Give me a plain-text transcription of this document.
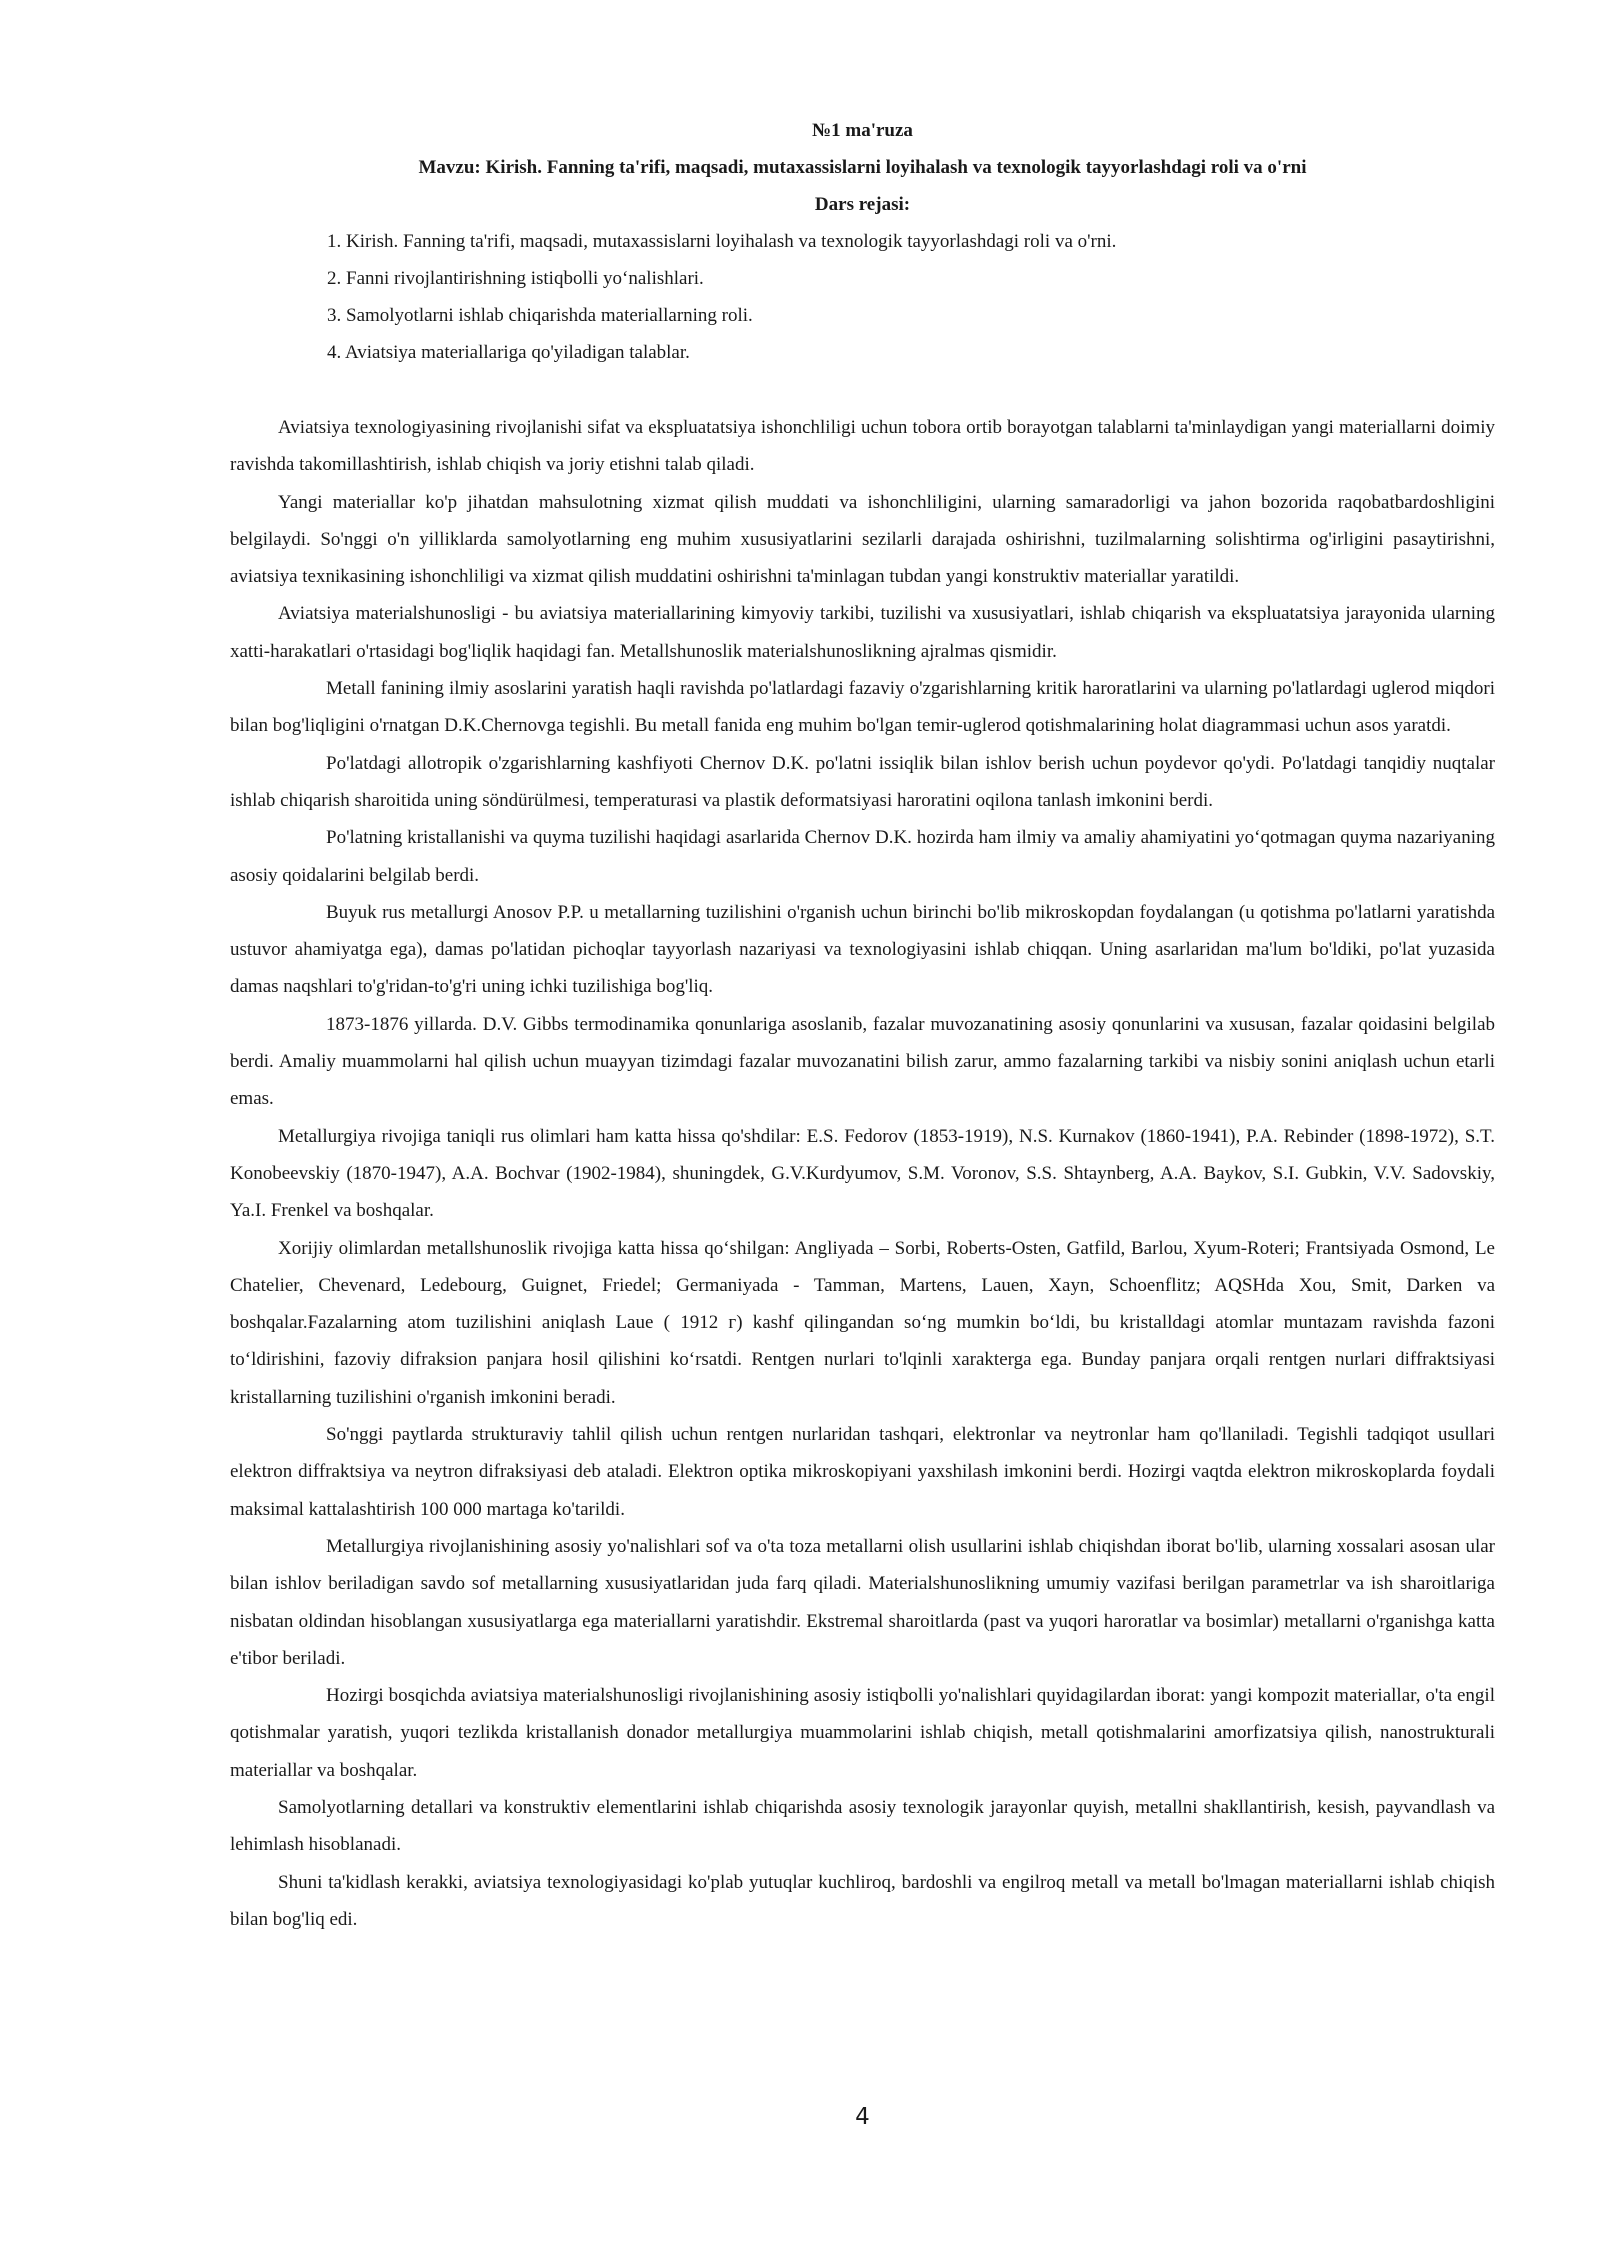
№1 ma'ruza

Mavzu: Kirish. Fanning ta'rifi, maqsadi, mutaxassislarni loyihalash va texnologik tayyorlashdagi roli va o'rni

Dars rejasi:

1. Kirish. Fanning ta'rifi, maqsadi, mutaxassislarni loyihalash va texnologik tayyorlashdagi roli va o'rni.
2. Fanni rivojlantirishning istiqbolli yo‘nalishlari.
3. Samolyotlarni ishlab chiqarishda materiallarning roli.
4. Aviatsiya materiallariga qo'yiladigan talablar.

Aviatsiya texnologiyasining rivojlanishi sifat va ekspluatatsiya ishonchliligi uchun tobora ortib borayotgan talablarni ta'minlaydigan yangi materiallarni doimiy ravishda takomillashtirish, ishlab chiqish va joriy etishni talab qiladi.

Yangi materiallar ko'p jihatdan mahsulotning xizmat qilish muddati va ishonchliligini, ularning samaradorligi va jahon bozorida raqobatbardoshligini belgilaydi. So'nggi o'n yilliklarda samolyotlarning eng muhim xususiyatlarini sezilarli darajada oshirishni, tuzilmalarning solishtirma og'irligini pasaytirishni, aviatsiya texnikasining ishonchliligi va xizmat qilish muddatini oshirishni ta'minlagan tubdan yangi konstruktiv materiallar yaratildi.

Aviatsiya materialshunosligi - bu aviatsiya materiallarining kimyoviy tarkibi, tuzilishi va xususiyatlari, ishlab chiqarish va ekspluatatsiya jarayonida ularning xatti-harakatlari o'rtasidagi bog'liqlik haqidagi fan. Metallshunoslik materialshunoslikning ajralmas qismidir.

Metall fanining ilmiy asoslarini yaratish haqli ravishda po'latlardagi fazaviy o'zgarishlarning kritik haroratlarini va ularning po'latlardagi uglerod miqdori bilan bog'liqligini o'rnatgan D.K.Chernovga tegishli. Bu metall fanida eng muhim bo'lgan temir-uglerod qotishmalarining holat diagrammasi uchun asos yaratdi.

Po'latdagi allotropik o'zgarishlarning kashfiyoti Chernov D.K. po'latni issiqlik bilan ishlov berish uchun poydevor qo'ydi. Po'latdagi tanqidiy nuqtalar ishlab chiqarish sharoitida uning söndürülmesi, temperaturasi va plastik deformatsiyasi haroratini oqilona tanlash imkonini berdi.

Po'latning kristallanishi va quyma tuzilishi haqidagi asarlarida Chernov D.K. hozirda ham ilmiy va amaliy ahamiyatini yo‘qotmagan quyma nazariyaning asosiy qoidalarini belgilab berdi.

Buyuk rus metallurgi Anosov P.P. u metallarning tuzilishini o'rganish uchun birinchi bo'lib mikroskopdan foydalangan (u qotishma po'latlarni yaratishda ustuvor ahamiyatga ega), damas po'latidan pichoqlar tayyorlash nazariyasi va texnologiyasini ishlab chiqqan. Uning asarlaridan ma'lum bo'ldiki, po'lat yuzasida damas naqshlari to'g'ridan-to'g'ri uning ichki tuzilishiga bog'liq.

1873-1876 yillarda. D.V. Gibbs termodinamika qonunlariga asoslanib, fazalar muvozanatining asosiy qonunlarini va xususan, fazalar qoidasini belgilab berdi. Amaliy muammolarni hal qilish uchun muayyan tizimdagi fazalar muvozanatini bilish zarur, ammo fazalarning tarkibi va nisbiy sonini aniqlash uchun etarli emas.

Metallurgiya rivojiga taniqli rus olimlari ham katta hissa qo'shdilar: E.S. Fedorov (1853-1919), N.S. Kurnakov (1860-1941), P.A. Rebinder (1898-1972), S.T. Konobeevskiy (1870-1947), A.A. Bochvar (1902-1984), shuningdek, G.V.Kurdyumov, S.M. Voronov, S.S. Shtaynberg, A.A. Baykov, S.I. Gubkin, V.V. Sadovskiy, Ya.I. Frenkel va boshqalar.

Xorijiy olimlardan metallshunoslik rivojiga katta hissa qo‘shilgan: Angliyada – Sorbi, Roberts-Osten, Gatfild, Barlou, Xyum-Roteri; Frantsiyada Osmond, Le Chatelier, Chevenard, Ledebourg, Guignet, Friedel; Germaniyada - Tamman, Martens, Lauen, Xayn, Schoenflitz; AQSHda Xou, Smit, Darken va boshqalar.Fazalarning atom tuzilishini aniqlash Laue ( 1912 г) kashf qilingandan so‘ng mumkin bo‘ldi, bu kristalldagi atomlar muntazam ravishda fazoni to‘ldirishini, fazoviy difraksion panjara hosil qilishini ko‘rsatdi. Rentgen nurlari to'lqinli xarakterga ega. Bunday panjara orqali rentgen nurlari diffraktsiyasi kristallarning tuzilishini o'rganish imkonini beradi.

So'nggi paytlarda strukturaviy tahlil qilish uchun rentgen nurlaridan tashqari, elektronlar va neytronlar ham qo'llaniladi. Tegishli tadqiqot usullari elektron diffraktsiya va neytron difraksiyasi deb ataladi. Elektron optika mikroskopiyani yaxshilash imkonini berdi. Hozirgi vaqtda elektron mikroskoplarda foydali maksimal kattalashtirish 100 000 martaga ko'tarildi.

Metallurgiya rivojlanishining asosiy yo'nalishlari sof va o'ta toza metallarni olish usullarini ishlab chiqishdan iborat bo'lib, ularning xossalari asosan ular bilan ishlov beriladigan savdo sof metallarning xususiyatlaridan juda farq qiladi. Materialshunoslikning umumiy vazifasi berilgan parametrlar va ish sharoitlariga nisbatan oldindan hisoblangan xususiyatlarga ega materiallarni yaratishdir. Ekstremal sharoitlarda (past va yuqori haroratlar va bosimlar) metallarni o'rganishga katta e'tibor beriladi.

Hozirgi bosqichda aviatsiya materialshunosligi rivojlanishining asosiy istiqbolli yo'nalishlari quyidagilardan iborat: yangi kompozit materiallar, o'ta engil qotishmalar yaratish, yuqori tezlikda kristallanish donador metallurgiya muammolarini ishlab chiqish, metall qotishmalarini amorfizatsiya qilish, nanostrukturali materiallar va boshqalar.

Samolyotlarning detallari va konstruktiv elementlarini ishlab chiqarishda asosiy texnologik jarayonlar quyish, metallni shakllantirish, kesish, payvandlash va lehimlash hisoblanadi.

Shuni ta'kidlash kerakki, aviatsiya texnologiyasidagi ko'plab yutuqlar kuchliroq, bardoshli va engilroq metall va metall bo'lmagan materiallarni ishlab chiqish bilan bog'liq edi.

4
